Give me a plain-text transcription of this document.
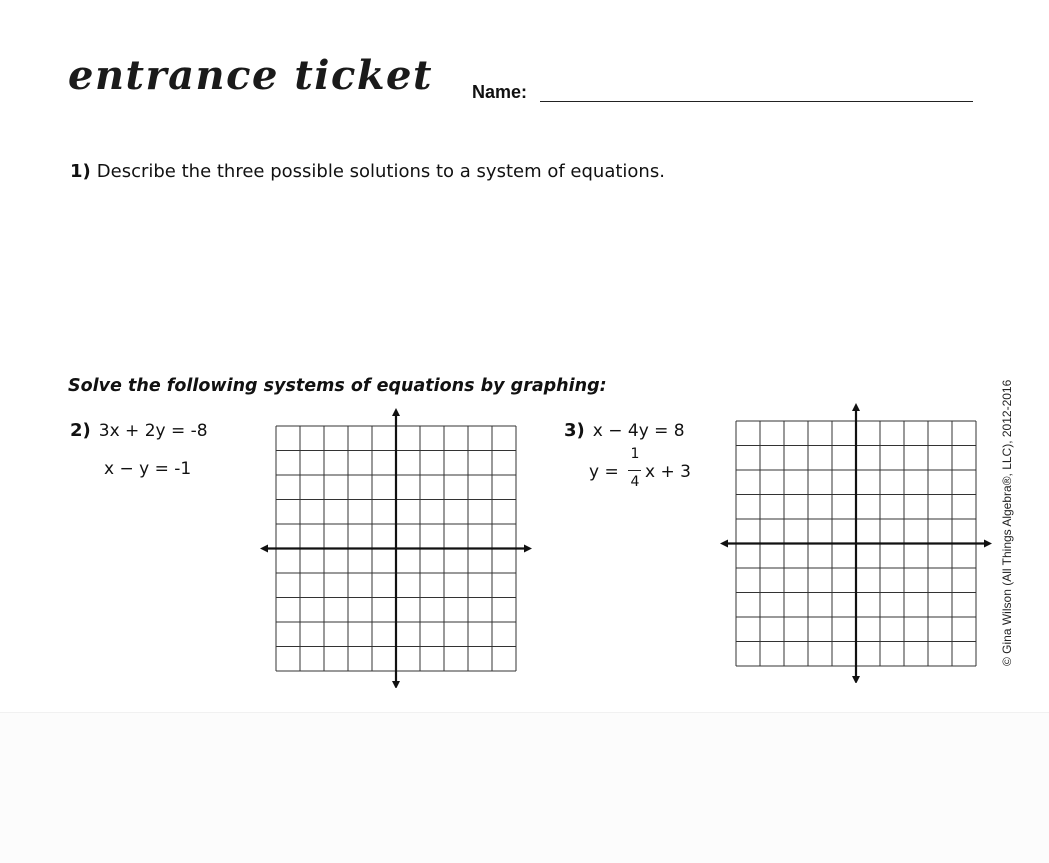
entrance ticket Name:
1) Describe the three possible solutions to a system of equations.
Solve the following systems of equations by graphing:
2) 3x + 2y = -8
x − y = -1
3) x − 4y = 8
y =
1
4 x + 3	© Gina Wilson (All Things Algebra®, LLC), 2012-2016
